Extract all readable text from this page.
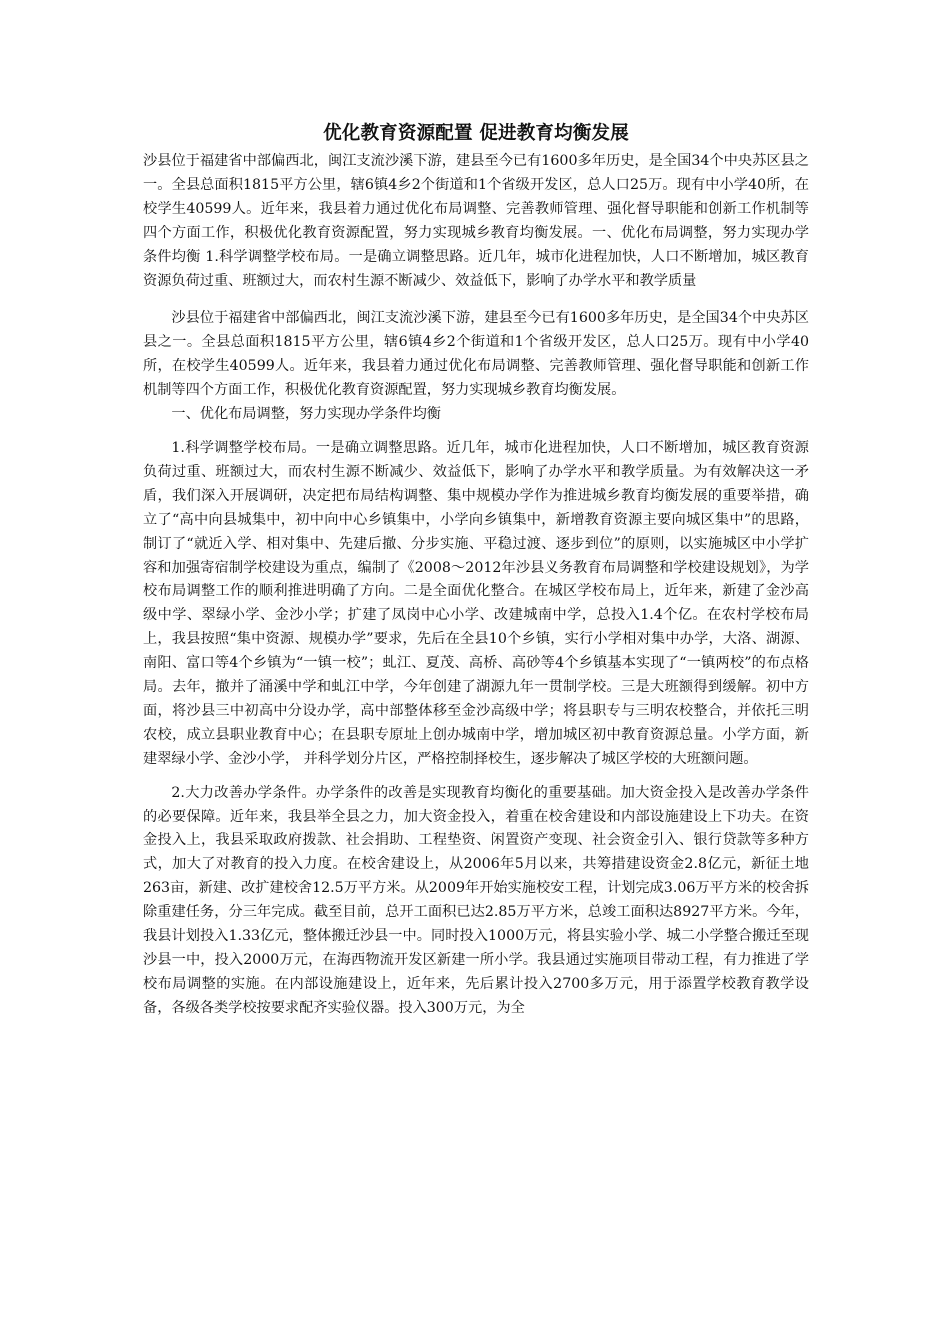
优化教育资源配置 促进教育均衡发展

沙县位于福建省中部偏西北，闽江支流沙溪下游，建县至今已有1600多年历史，是全国34个中央苏区县之一。全县总面积1815平方公里，辖6镇4乡2个街道和1个省级开发区，总人口25万。现有中小学40所，在校学生40599人。近年来，我县着力通过优化布局调整、完善教师管理、强化督导职能和创新工作机制等四个方面工作，积极优化教育资源配置，努力实现城乡教育均衡发展。一、优化布局调整，努力实现办学条件均衡 1.科学调整学校布局。一是确立调整思路。近几年，城市化进程加快，人口不断增加，城区教育资源负荷过重、班额过大，而农村生源不断减少、效益低下，影响了办学水平和教学质量

沙县位于福建省中部偏西北，闽江支流沙溪下游，建县至今已有1600多年历史，是全国34个中央苏区县之一。全县总面积1815平方公里，辖6镇4乡2个街道和1个省级开发区，总人口25万。现有中小学40所，在校学生40599人。近年来，我县着力通过优化布局调整、完善教师管理、强化督导职能和创新工作机制等四个方面工作，积极优化教育资源配置，努力实现城乡教育均衡发展。

一、优化布局调整，努力实现办学条件均衡

1.科学调整学校布局。一是确立调整思路。近几年，城市化进程加快，人口不断增加，城区教育资源负荷过重、班额过大，而农村生源不断减少、效益低下，影响了办学水平和教学质量。为有效解决这一矛盾，我们深入开展调研，决定把布局结构调整、集中规模办学作为推进城乡教育均衡发展的重要举措，确立了“高中向县城集中，初中向中心乡镇集中，小学向乡镇集中，新增教育资源主要向城区集中”的思路，制订了“就近入学、相对集中、先建后撤、分步实施、平稳过渡、逐步到位”的原则，以实施城区中小学扩容和加强寄宿制学校建设为重点，编制了《2008～2012年沙县义务教育布局调整和学校建设规划》，为学校布局调整工作的顺利推进明确了方向。二是全面优化整合。在城区学校布局上，近年来，新建了金沙高级中学、翠绿小学、金沙小学；扩建了凤岗中心小学、改建城南中学，总投入1.4个亿。在农村学校布局上，我县按照“集中资源、规模办学”要求，先后在全县10个乡镇，实行小学相对集中办学，大洛、湖源、南阳、富口等4个乡镇为“一镇一校”；虬江、夏茂、高桥、高砂等4个乡镇基本实现了“一镇两校”的布点格局。去年，撤并了涌溪中学和虬江中学，今年创建了湖源九年一贯制学校。三是大班额得到缓解。初中方面，将沙县三中初高中分设办学，高中部整体移至金沙高级中学；将县职专与三明农校整合，并依托三明农校，成立县职业教育中心；在县职专原址上创办城南中学，增加城区初中教育资源总量。小学方面，新建翠绿小学、金沙小学， 并科学划分片区，严格控制择校生，逐步解决了城区学校的大班额问题。

2.大力改善办学条件。办学条件的改善是实现教育均衡化的重要基础。加大资金投入是改善办学条件的必要保障。近年来，我县举全县之力，加大资金投入，着重在校舍建设和内部设施建设上下功夫。在资金投入上，我县采取政府拨款、社会捐助、工程垫资、闲置资产变现、社会资金引入、银行贷款等多种方式，加大了对教育的投入力度。在校舍建设上，从2006年5月以来，共筹措建设资金2.8亿元，新征土地263亩，新建、改扩建校舍12.5万平方米。从2009年开始实施校安工程，计划完成3.06万平方米的校舍拆除重建任务，分三年完成。截至目前，总开工面积已达2.85万平方米，总竣工面积达8927平方米。今年，我县计划投入1.33亿元，整体搬迁沙县一中。同时投入1000万元，将县实验小学、城二小学整合搬迁至现沙县一中，投入2000万元，在海西物流开发区新建一所小学。我县通过实施项目带动工程，有力推进了学校布局调整的实施。在内部设施建设上，近年来，先后累计投入2700多万元，用于添置学校教育教学设备，各级各类学校按要求配齐实验仪器。投入300万元，为全
